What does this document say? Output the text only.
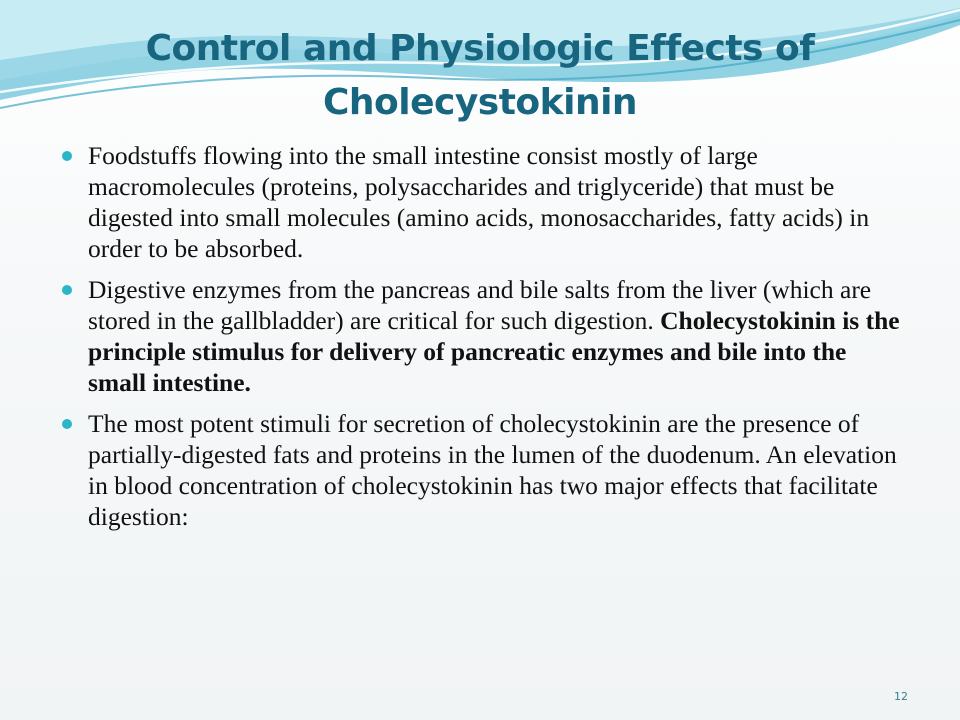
Control and Physiologic Effects of Cholecystokinin
Foodstuffs flowing into the small intestine consist mostly of large macromolecules (proteins, polysaccharides and triglyceride) that must be digested into small molecules (amino acids, monosaccharides, fatty acids) in order to be absorbed.
Digestive enzymes from the pancreas and bile salts from the liver (which are stored in the gallbladder) are critical for such digestion. Cholecystokinin is the principle stimulus for delivery of pancreatic enzymes and bile into the small intestine.
The most potent stimuli for secretion of cholecystokinin are the presence of partially-digested fats and proteins in the lumen of the duodenum. An elevation in blood concentration of cholecystokinin has two major effects that facilitate digestion:
12
